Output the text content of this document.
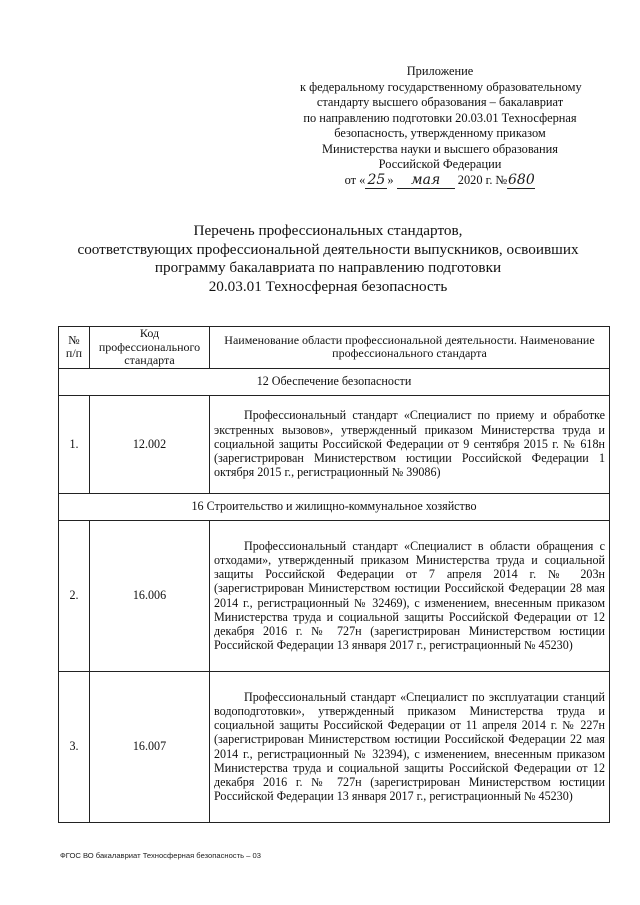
Приложение
к федеральному государственному образовательному
стандарту высшего образования – бакалавриат
по направлению подготовки 20.03.01 Техносферная
безопасность, утвержденному приказом
Министерства науки и высшего образования
Российской Федерации
от « 25 » мая 2020 г. №680
Перечень профессиональных стандартов,
соответствующих профессиональной деятельности выпускников, освоивших
программу бакалавриата по направлению подготовки
20.03.01 Техносферная безопасность
№ п/п	Код профессионального стандарта	Наименование области профессиональной деятельности. Наименование профессионального стандарта
12 Обеспечение безопасности		
1.	12.002	Профессиональный стандарт «Специалист по приему и обработке экстренных вызовов», утвержденный приказом Министерства труда и социальной защиты Российской Федерации от 9 сентября 2015 г. № 618н (зарегистрирован Министерством юстиции Российской Федерации 1 октября 2015 г., регистрационный № 39086)

16 Строительство и жилищно-коммунальное хозяйство		
2.	16.006	Профессиональный стандарт «Специалист в области обращения с отходами», утвержденный приказом Министерства труда и социальной защиты Российской Федерации от 7 апреля 2014 г. № 203н (зарегистрирован Министерством юстиции Российской Федерации 28 мая 2014 г., регистрационный № 32469), с изменением, внесенным приказом Министерства труда и социальной защиты Российской Федерации от 12 декабря 2016 г. № 727н (зарегистрирован Министерством юстиции Российской Федерации 13 января 2017 г., регистрационный № 45230)

3.	16.007	Профессиональный стандарт «Специалист по эксплуатации станций водоподготовки», утвержденный приказом Министерства труда и социальной защиты Российской Федерации от 11 апреля 2014 г. № 227н (зарегистрирован Министерством юстиции Российской Федерации 22 мая 2014 г., регистрационный № 32394), с изменением, внесенным приказом Министерства труда и социальной защиты Российской Федерации от 12 декабря 2016 г. № 727н (зарегистрирован Министерством юстиции Российской Федерации 13 января 2017 г., регистрационный № 45230)

ФГОС ВО бакалавриат Техносферная безопасность – 03
